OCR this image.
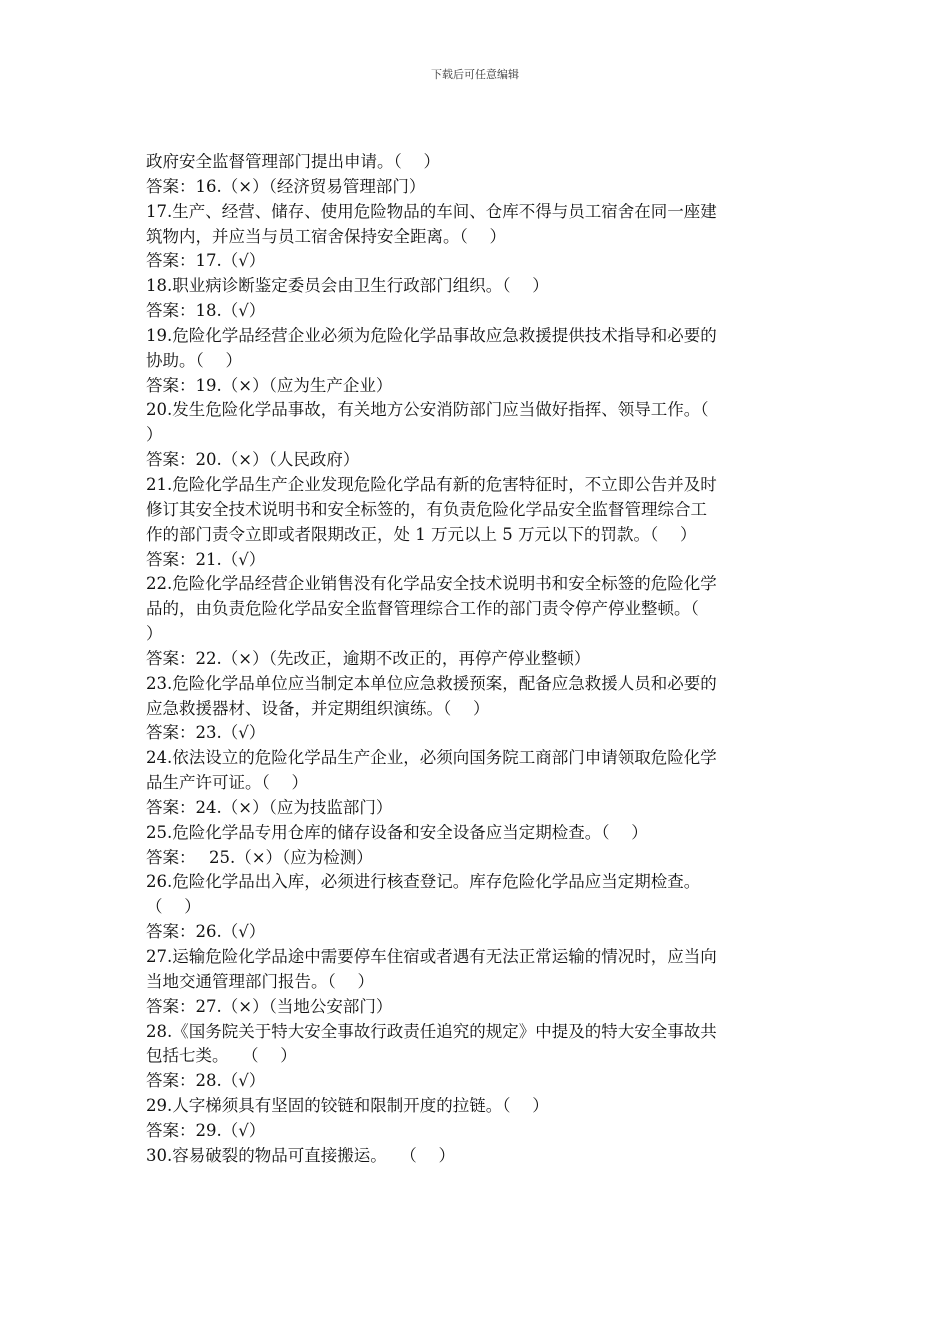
下载后可任意编辑
政府安全监督管理部门提出申请。（　 ）
答案：16.（×）（经济贸易管理部门）
17.生产、经营、储存、使用危险物品的车间、仓库不得与员工宿舍在同一座建
筑物内，并应当与员工宿舍保持安全距离。（　 ）
答案：17.（√）
18.职业病诊断鉴定委员会由卫生行政部门组织。（　 ）
答案：18.（√）
19.危险化学品经营企业必须为危险化学品事故应急救援提供技术指导和必要的
协助。（　 ）
答案：19.（×）（应为生产企业）
20.发生危险化学品事故，有关地方公安消防部门应当做好指挥、领导工作。（
）
答案：20.（×）（人民政府）
21.危险化学品生产企业发现危险化学品有新的危害特征时，不立即公告并及时
修订其安全技术说明书和安全标签的，有负责危险化学品安全监督管理综合工
作的部门责令立即或者限期改正，处 1 万元以上 5 万元以下的罚款。（　 ）
答案：21.（√）
22.危险化学品经营企业销售没有化学品安全技术说明书和安全标签的危险化学
品的，由负责危险化学品安全监督管理综合工作的部门责令停产停业整顿。（
）
答案：22.（×）（先改正，逾期不改正的，再停产停业整顿）
23.危险化学品单位应当制定本单位应急救援预案，配备应急救援人员和必要的
应急救援器材、设备，并定期组织演练。（　 ）
答案：23.（√）
24.依法设立的危险化学品生产企业，必须向国务院工商部门申请领取危险化学
品生产许可证。（　 ）
答案：24.（×）（应为技监部门）
25.危险化学品专用仓库的储存设备和安全设备应当定期检查。（　 ）
答案：　 25.（×）（应为检测）
26.危险化学品出入库，必须进行核查登记。库存危险化学品应当定期检查。
（　 ）
答案：26.（√）
27.运输危险化学品途中需要停车住宿或者遇有无法正常运输的情况时，应当向
当地交通管理部门报告。（　 ）
答案：27.（×）（当地公安部门）
28.《国务院关于特大安全事故行政责任追究的规定》中提及的特大安全事故共
包括七类。　 （　 ）
答案：28.（√）
29.人字梯须具有坚固的铰链和限制开度的拉链。（　 ）
答案：29.（√）
30.容易破裂的物品可直接搬运。　 （　 ）
